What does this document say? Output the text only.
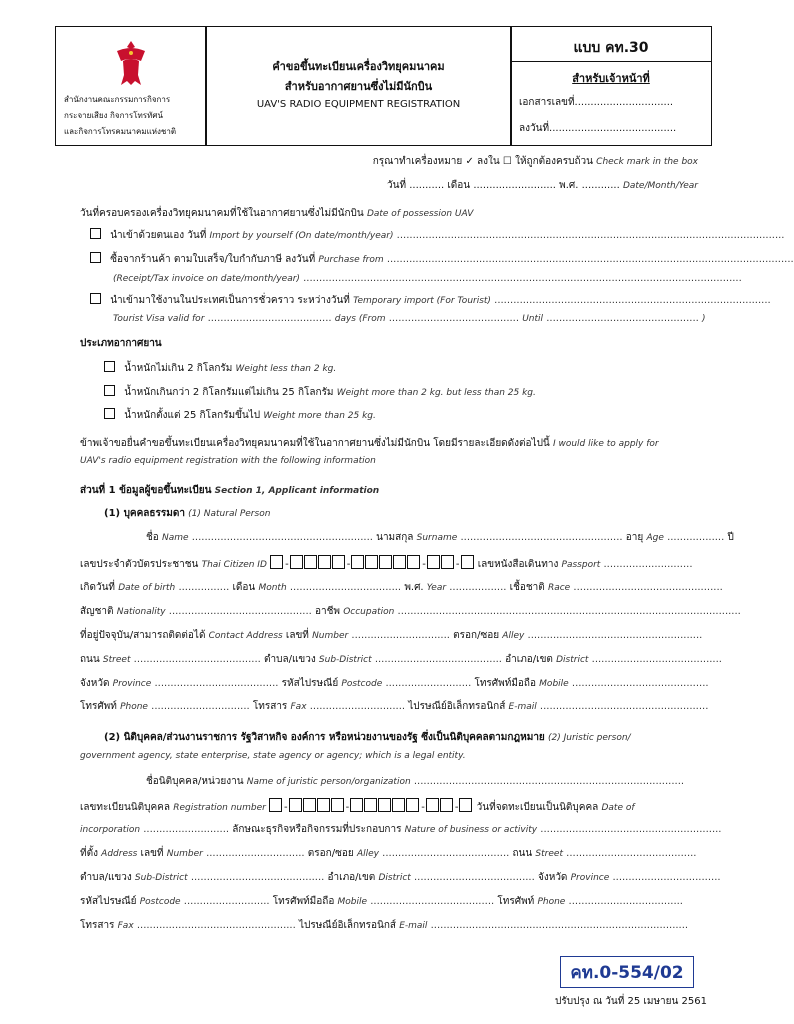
สำนักงานคณะกรรมการกิจการ
กระจายเสียง กิจการโทรทัศน์
และกิจการโทรคมนาคมแห่งชาติ
คำขอขึ้นทะเบียนเครื่องวิทยุคมนาคม
สำหรับอากาศยานซึ่งไม่มีนักบิน
UAV'S RADIO EQUIPMENT REGISTRATION
แบบ คท.30
สำหรับเจ้าหน้าที่
เอกสารเลขที่...............................
ลงวันที่........................................
กรุณาทำเครื่องหมาย ✓ ลงใน ☐ ให้ถูกต้องครบถ้วน Check mark in the box
วันที่ ........... เดือน .......................... พ.ศ. ............ Date/Month/Year
วันที่ครอบครองเครื่องวิทยุคมนาคมที่ใช้ในอากาศยานซึ่งไม่มีนักบิน Date of possession UAV
นำเข้าด้วยตนเอง วันที่ Import by yourself (On date/month/year) ..........................................................................................................................
ซื้อจากร้านค้า ตามใบเสร็จ/ใบกำกับภาษี ลงวันที่ Purchase from ................................................................................................................................
(Receipt/Tax invoice on date/month/year) ..........................................................................................................................................
นำเข้ามาใช้งานในประเทศเป็นการชั่วคราว ระหว่างวันที่ Temporary import (For Tourist) .......................................................................................
Tourist Visa valid for ....................................... days (From ......................................... Until ................................................ )
ประเภทอากาศยาน
น้ำหนักไม่เกิน 2 กิโลกรัม Weight less than 2 kg.
น้ำหนักเกินกว่า 2 กิโลกรัมแต่ไม่เกิน 25 กิโลกรัม Weight more than 2 kg. but less than 25 kg.
น้ำหนักตั้งแต่ 25 กิโลกรัมขึ้นไป Weight more than 25 kg.
ข้าพเจ้าขอยื่นคำขอขึ้นทะเบียนเครื่องวิทยุคมนาคมที่ใช้ในอากาศยานซึ่งไม่มีนักบิน โดยมีรายละเอียดดังต่อไปนี้ I would like to apply for
UAV's radio equipment registration with the following information
ส่วนที่ 1 ข้อมูลผู้ขอขึ้นทะเบียน Section 1, Applicant information
(1) บุคคลธรรมดา (1) Natural Person
ชื่อ Name ......................................................... นามสกุล Surname ................................................... อายุ Age .................. ปี
เลขประจำตัวบัตรประชาชน Thai Citizen ID -	-	-	- เลขหนังสือเดินทาง Passport ............................
เกิดวันที่ Date of birth ................ เดือน Month ................................... พ.ศ. Year .................. เชื้อชาติ Race ...............................................
สัญชาติ Nationality ............................................. อาชีพ Occupation ............................................................................................................
ที่อยู่ปัจจุบัน/สามารถติดต่อได้ Contact Address เลขที่ Number ............................... ตรอก/ซอย Alley .......................................................
ถนน Street ........................................ ตำบล/แขวง Sub-District ........................................ อำเภอ/เขต District .........................................
จังหวัด Province ....................................... รหัสไปรษณีย์ Postcode ........................... โทรศัพท์มือถือ Mobile ...........................................
โทรศัพท์ Phone ............................... โทรสาร Fax .............................. ไปรษณีย์อิเล็กทรอนิกส์ E-mail .....................................................
(2) นิติบุคคล/ส่วนงานราชการ รัฐวิสาหกิจ องค์การ หรือหน่วยงานของรัฐ ซึ่งเป็นนิติบุคคลตามกฎหมาย (2) Juristic person/
government agency, state enterprise, state agency or agency; which is a legal entity.
ชื่อนิติบุคคล/หน่วยงาน Name of juristic person/organization .....................................................................................
เลขทะเบียนนิติบุคคล Registration number -	-	-	- วันที่จดทะเบียนเป็นนิติบุคคล Date of
incorporation ........................... ลักษณะธุรกิจหรือกิจกรรมที่ประกอบการ Nature of business or activity .........................................................
ที่ตั้ง Address เลขที่ Number ............................... ตรอก/ซอย Alley ........................................ ถนน Street .........................................
ตำบล/แขวง Sub-District .......................................... อำเภอ/เขต District ...................................... จังหวัด Province ..................................
รหัสไปรษณีย์ Postcode ........................... โทรศัพท์มือถือ Mobile ....................................... โทรศัพท์ Phone ....................................
โทรสาร Fax .................................................. ไปรษณีย์อิเล็กทรอนิกส์ E-mail .................................................................................
คท.0-554/02
ปรับปรุง ณ วันที่ 25 เมษายน 2561
